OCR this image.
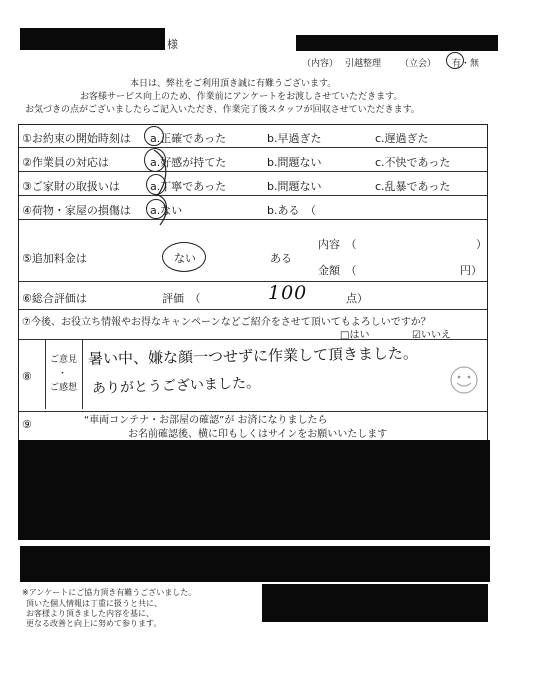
様
（内容） 引越整理 （立会） 有・無
本日は、弊社をご利用頂き誠に有難うございます。
お客様サービス向上のため、作業前にアンケートをお渡しさせていただきます。
お気づきの点がございましたらご記入いただき、作業完了後スタッフが回収させていただきます。
①お約束の開始時刻は a.正確であった	b.早過ぎた	c.遅過ぎた
②作業員の対応は	a.好感が持てた	b.問題ない	c.不快であった
③ご家財の取扱いは	a.丁寧であった	b.問題ない	c.乱暴であった
④荷物・家屋の損傷は a.ない	b.ある　（
⑤追加料金は	ない	ある
内容　（	）
金額　（	円）
⑥総合評価は	評価　（	100	点）
⑦今後、お役立ち情報やお得なキャンペーンなどご紹介をさせて頂いてもよろしいですか？
□はい	☑いいえ
⑧
ご意見
・
ご感想
暑い中、嫌な顔一つせずに作業して頂きました。
ありがとうございました。
⑨	“車両コンテナ・お部屋の確認”が お済になりましたら
お名前確認後、横に印もしくはサインをお願いいたします
※アンケートにご協力頂き有難うございました。
頂いた個人情報は丁重に扱うと共に、
お客様より頂きました内容を基に、
更なる改善と向上に努めて参ります。
